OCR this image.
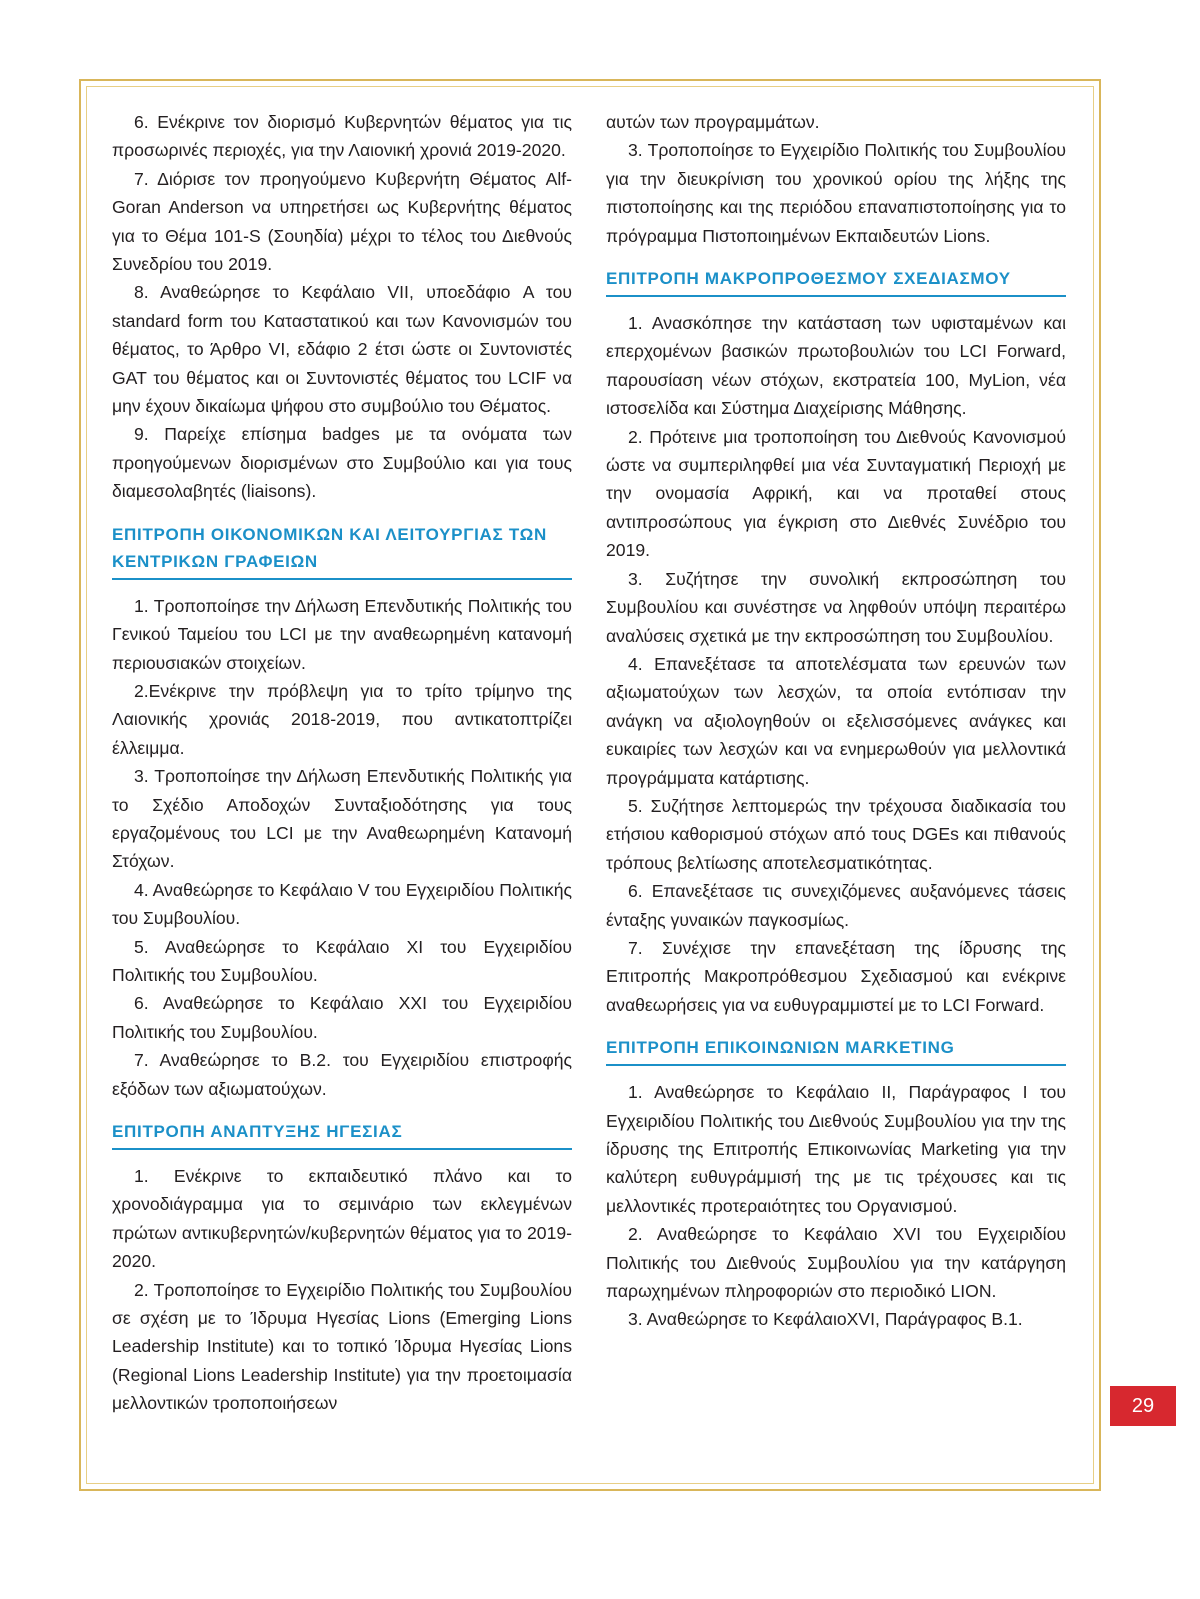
6. Ενέκρινε τον διορισμό Κυβερνητών θέματος για τις προσωρινές περιοχές, για την Λαιονική χρονιά 2019-2020.

7. Διόρισε τον προηγούμενο Κυβερνήτη Θέματος Alf-Goran Anderson να υπηρετήσει ως Κυβερνήτης θέματος για το Θέμα 101-S (Σουηδία) μέχρι το τέλος του Διεθνούς Συνεδρίου του 2019.

8. Αναθεώρησε το Κεφάλαιο VII, υποεδάφιο A του standard form του Καταστατικού και των Κανονισμών του θέματος, το Άρθρο VI, εδάφιο 2 έτσι ώστε οι Συντονιστές GAT του θέματος και οι Συντονιστές θέματος του LCIF να μην έχουν δικαίωμα ψήφου στο συμβούλιο του Θέματος.

9. Παρείχε επίσημα badges με τα ονόματα των προηγούμενων διορισμένων στο Συμβούλιο και για τους διαμεσολαβητές (liaisons).

ΕΠΙΤΡΟΠΗ ΟΙΚΟΝΟΜΙΚΩΝ ΚΑΙ ΛΕΙΤΟΥΡΓΙΑΣ ΤΩΝ ΚΕΝΤΡΙΚΩΝ ΓΡΑΦΕΙΩΝ

1. Τροποποίησε την Δήλωση Επενδυτικής Πολιτικής του Γενικού Ταμείου του LCI με την αναθεωρημένη κατανομή περιουσιακών στοιχείων.

2.Ενέκρινε την πρόβλεψη για το τρίτο τρίμηνο της Λαιονικής χρονιάς 2018-2019, που αντικατοπτρίζει έλλειμμα.

3. Τροποποίησε την Δήλωση Επενδυτικής Πολιτικής για το Σχέδιο Αποδοχών Συνταξιοδότησης για τους εργαζομένους του LCI με την Αναθεωρημένη Κατανομή Στόχων.

4. Αναθεώρησε το Κεφάλαιο V του Εγχειριδίου Πολιτικής του Συμβουλίου.

5. Αναθεώρησε το Κεφάλαιο XI του Εγχειριδίου Πολιτικής του Συμβουλίου.

6. Αναθεώρησε το Κεφάλαιο XXI του Εγχειριδίου Πολιτικής του Συμβουλίου.

7. Αναθεώρησε το B.2. του Εγχειριδίου επιστροφής εξόδων των αξιωματούχων.

ΕΠΙΤΡΟΠΗ ΑΝΑΠΤΥΞΗΣ ΗΓΕΣΙΑΣ

1. Ενέκρινε το εκπαιδευτικό πλάνο και το χρονοδιάγραμμα για το σεμινάριο των εκλεγμένων πρώτων αντικυβερνητών/κυβερνητών θέματος για το 2019-2020.

2. Τροποποίησε το Εγχειρίδιο Πολιτικής του Συμβουλίου σε σχέση με το Ίδρυμα Ηγεσίας Lions (Emerging Lions Leadership Institute) και το τοπικό Ίδρυμα Ηγεσίας Lions (Regional Lions Leadership Institute) για την προετοιμασία μελλοντικών τροποποιήσεων

αυτών των προγραμμάτων.

3. Τροποποίησε το Εγχειρίδιο Πολιτικής του Συμβουλίου για την διευκρίνιση του χρονικού ορίου της λήξης της πιστοποίησης και της περιόδου επαναπιστοποίησης για το πρόγραμμα Πιστοποιημένων Εκπαιδευτών Lions.

ΕΠΙΤΡΟΠΗ ΜΑΚΡΟΠΡΟΘΕΣΜΟΥ ΣΧΕΔΙΑΣΜΟΥ

1. Ανασκόπησε την κατάσταση των υφισταμένων και επερχομένων βασικών πρωτοβουλιών του LCI Forward, παρουσίαση νέων στόχων, εκστρατεία 100, MyLion, νέα ιστοσελίδα και Σύστημα Διαχείρισης Μάθησης.

2. Πρότεινε μια τροποποίηση του Διεθνούς Κανονισμού ώστε να συμπεριληφθεί μια νέα Συνταγματική Περιοχή με την ονομασία Αφρική, και να προταθεί στους αντιπροσώπους για έγκριση στο Διεθνές Συνέδριο του 2019.

3. Συζήτησε την συνολική εκπροσώπηση του Συμβουλίου και συνέστησε να ληφθούν υπόψη περαιτέρω αναλύσεις σχετικά με την εκπροσώπηση του Συμβουλίου.

4. Επανεξέτασε τα αποτελέσματα των ερευνών των αξιωματούχων των λεσχών, τα οποία εντόπισαν την ανάγκη να αξιολογηθούν οι εξελισσόμενες ανάγκες και ευκαιρίες των λεσχών και να ενημερωθούν για μελλοντικά προγράμματα κατάρτισης.

5. Συζήτησε λεπτομερώς την τρέχουσα διαδικασία του ετήσιου καθορισμού στόχων από τους DGEs και πιθανούς τρόπους βελτίωσης αποτελεσματικότητας.

6. Επανεξέτασε τις συνεχιζόμενες αυξανόμενες τάσεις ένταξης γυναικών παγκοσμίως.

7. Συνέχισε την επανεξέταση της ίδρυσης της Επιτροπής Μακροπρόθεσμου Σχεδιασμού και ενέκρινε αναθεωρήσεις για να ευθυγραμμιστεί με το LCI Forward.

ΕΠΙΤΡΟΠΗ ΕΠΙΚΟΙΝΩΝΙΩΝ MARKETING

1. Αναθεώρησε το Κεφάλαιο II, Παράγραφος I του Εγχειριδίου Πολιτικής του Διεθνούς Συμβουλίου για την της ίδρυσης της Επιτροπής Επικοινωνίας Marketing για την καλύτερη ευθυγράμμισή της με τις τρέχουσες και τις μελλοντικές προτεραιότητες του Οργανισμού.

2. Αναθεώρησε το Κεφάλαιο XVI του Εγχειριδίου Πολιτικής του Διεθνούς Συμβουλίου για την κατάργηση παρωχημένων πληροφοριών στο περιοδικό LION.

3. Αναθεώρησε το ΚεφάλαιοXVI, Παράγραφος B.1.

29
